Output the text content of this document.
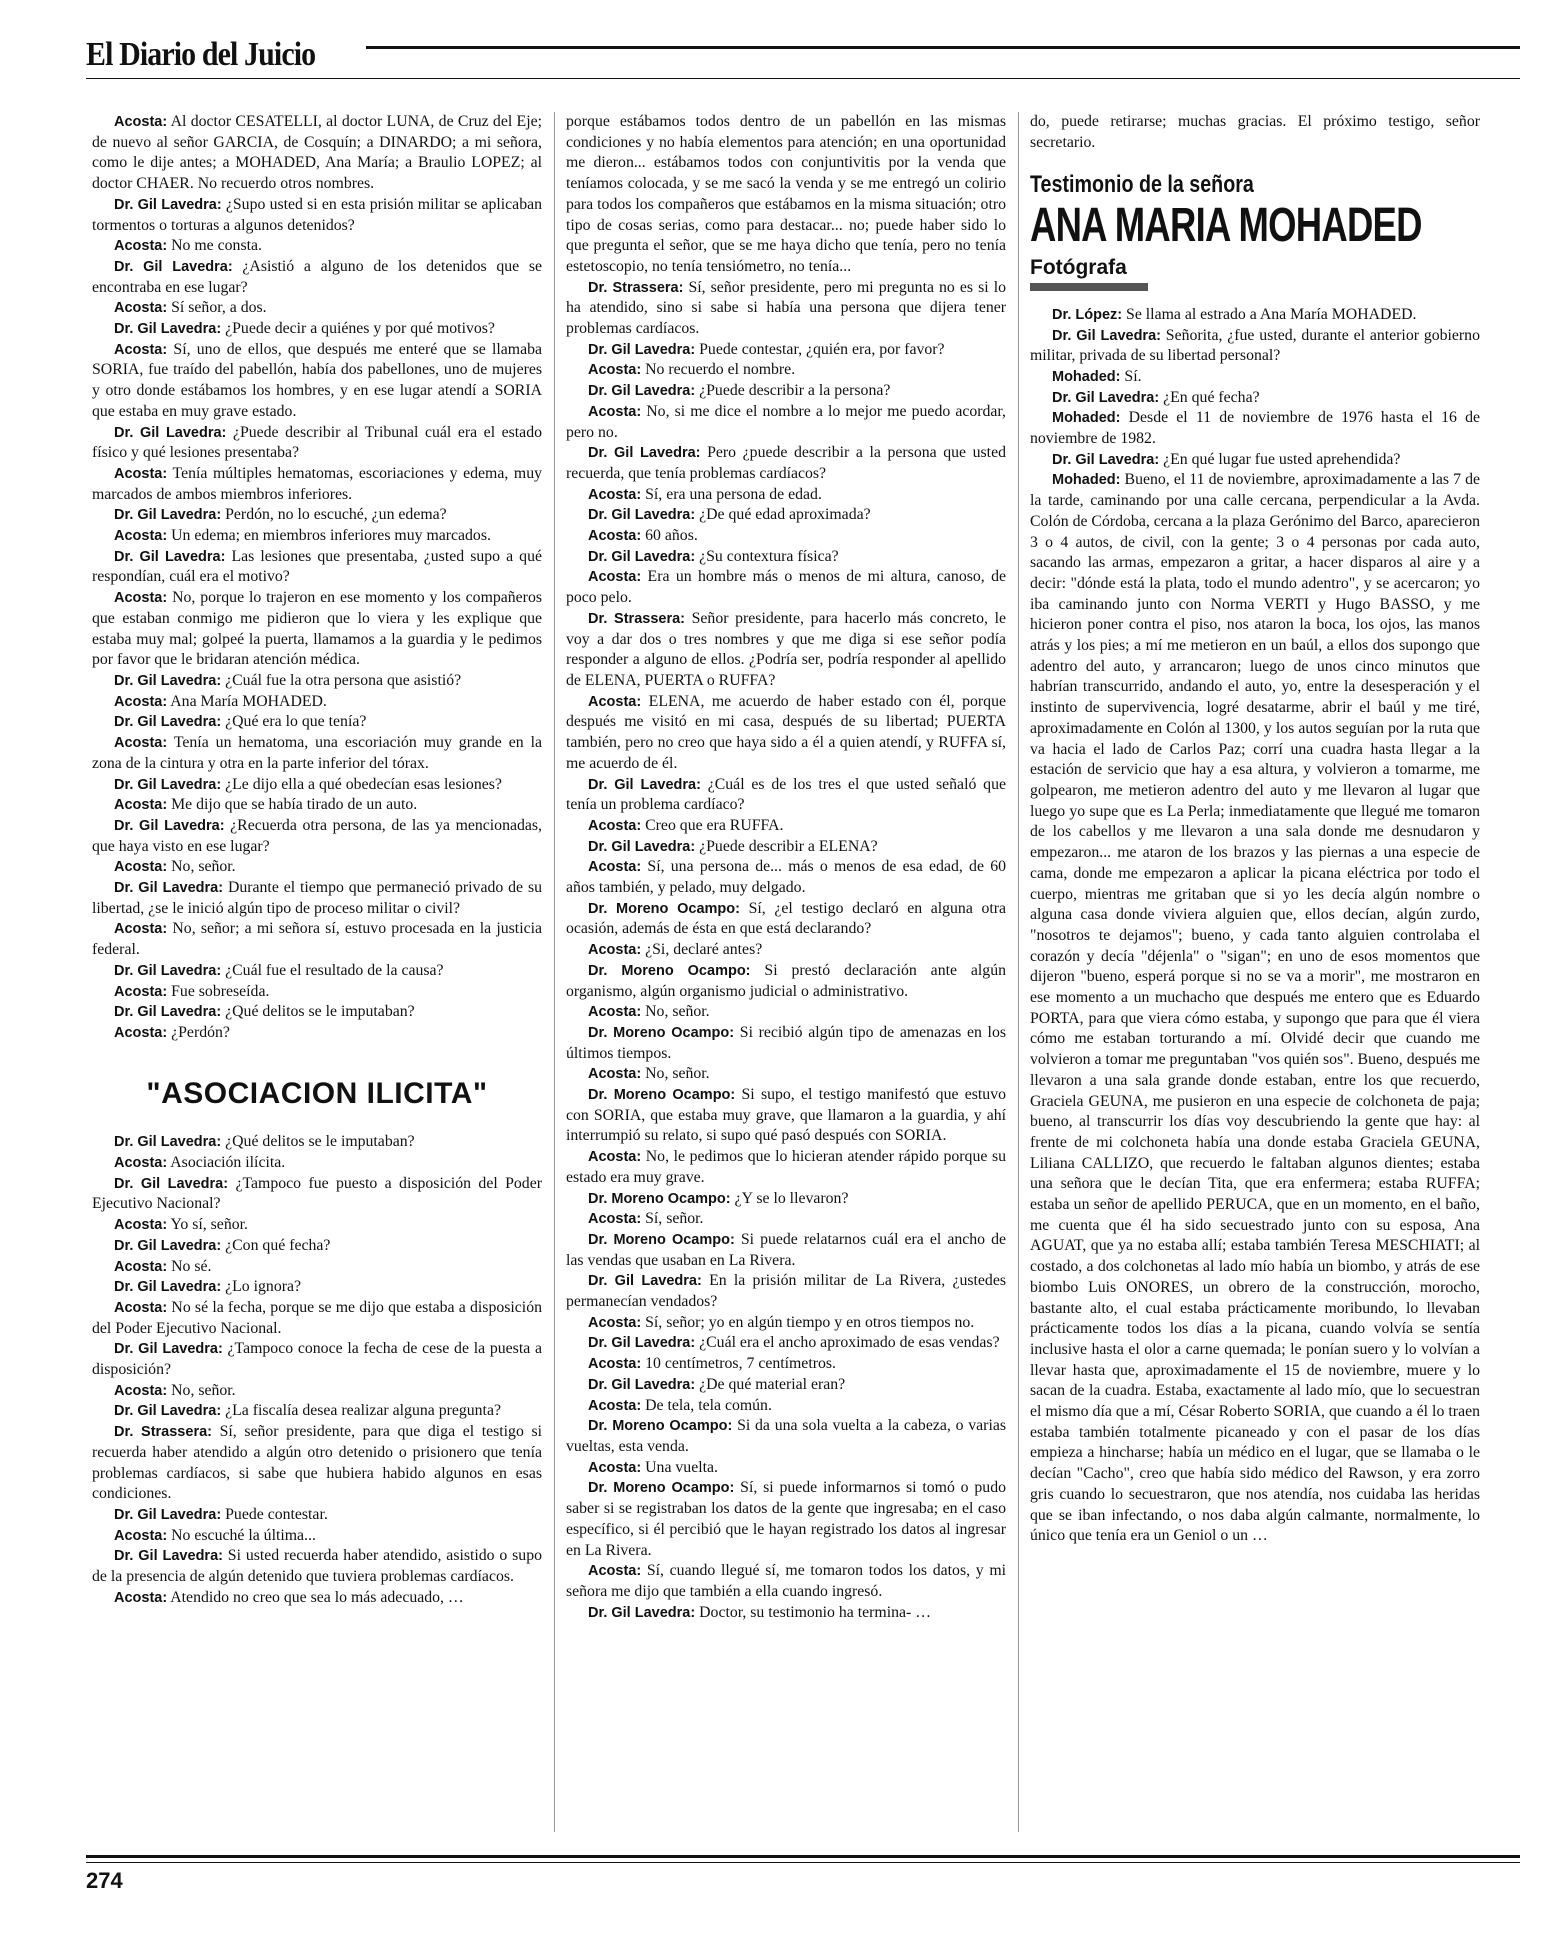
El Diario del Juicio

Acosta: Al doctor CESATELLI, al doctor LUNA, de Cruz del Eje; de nuevo al señor GARCIA, de Cosquín; a DINARDO; a mi señora, como le dije antes; a MOHADED, Ana María; a Braulio LOPEZ; al doctor CHAER. No recuerdo otros nombres.

Dr. Gil Lavedra: ¿Supo usted si en esta prisión militar se aplicaban tormentos o torturas a algunos detenidos?

Acosta: No me consta.

Dr. Gil Lavedra: ¿Asistió a alguno de los detenidos que se encontraba en ese lugar?

Acosta: Sí señor, a dos.

Dr. Gil Lavedra: ¿Puede decir a quiénes y por qué motivos?

Acosta: Sí, uno de ellos, que después me enteré que se llamaba SORIA, fue traído del pabellón, había dos pabellones, uno de mujeres y otro donde estábamos los hombres, y en ese lugar atendí a SORIA que estaba en muy grave estado.

Dr. Gil Lavedra: ¿Puede describir al Tribunal cuál era el estado físico y qué lesiones presentaba?

Acosta: Tenía múltiples hematomas, escoriaciones y edema, muy marcados de ambos miembros inferiores.

Dr. Gil Lavedra: Perdón, no lo escuché, ¿un edema?

Acosta: Un edema; en miembros inferiores muy marcados.

Dr. Gil Lavedra: Las lesiones que presentaba, ¿usted supo a qué respondían, cuál era el motivo?

Acosta: No, porque lo trajeron en ese momento y los compañeros que estaban conmigo me pidieron que lo viera y les explique que estaba muy mal; golpeé la puerta, llamamos a la guardia y le pedimos por favor que le bridaran atención médica.

Dr. Gil Lavedra: ¿Cuál fue la otra persona que asistió?

Acosta: Ana María MOHADED.

Dr. Gil Lavedra: ¿Qué era lo que tenía?

Acosta: Tenía un hematoma, una escoriación muy grande en la zona de la cintura y otra en la parte inferior del tórax.

Dr. Gil Lavedra: ¿Le dijo ella a qué obedecían esas lesiones?

Acosta: Me dijo que se había tirado de un auto.

Dr. Gil Lavedra: ¿Recuerda otra persona, de las ya mencionadas, que haya visto en ese lugar?

Acosta: No, señor.

Dr. Gil Lavedra: Durante el tiempo que permaneció privado de su libertad, ¿se le inició algún tipo de proceso militar o civil?

Acosta: No, señor; a mi señora sí, estuvo procesada en la justicia federal.

Dr. Gil Lavedra: ¿Cuál fue el resultado de la causa?

Acosta: Fue sobreseída.

Dr. Gil Lavedra: ¿Qué delitos se le imputaban?

Acosta: ¿Perdón?

"ASOCIACION ILICITA"

Dr. Gil Lavedra: ¿Qué delitos se le imputaban?

Acosta: Asociación ilícita.

Dr. Gil Lavedra: ¿Tampoco fue puesto a disposición del Poder Ejecutivo Nacional?

Acosta: Yo sí, señor.

Dr. Gil Lavedra: ¿Con qué fecha?

Acosta: No sé.

Dr. Gil Lavedra: ¿Lo ignora?

Acosta: No sé la fecha, porque se me dijo que estaba a disposición del Poder Ejecutivo Nacional.

Dr. Gil Lavedra: ¿Tampoco conoce la fecha de cese de la puesta a disposición?

Acosta: No, señor.

Dr. Gil Lavedra: ¿La fiscalía desea realizar alguna pregunta?

Dr. Strassera: Sí, señor presidente, para que diga el testigo si recuerda haber atendido a algún otro detenido o prisionero que tenía problemas cardíacos, si sabe que hubiera habido algunos en esas condiciones.

Dr. Gil Lavedra: Puede contestar.

Acosta: No escuché la última...

Dr. Gil Lavedra: Si usted recuerda haber atendido, asistido o supo de la presencia de algún detenido que tuviera problemas cardíacos.

Acosta: Atendido no creo que sea lo más adecuado, …

porque estábamos todos dentro de un pabellón en las mismas condiciones y no había elementos para atención; en una oportunidad me dieron... estábamos todos con conjuntivitis por la venda que teníamos colocada, y se me sacó la venda y se me entregó un colirio para todos los compañeros que estábamos en la misma situación; otro tipo de cosas serias, como para destacar... no; puede haber sido lo que pregunta el señor, que se me haya dicho que tenía, pero no tenía estetoscopio, no tenía tensiómetro, no tenía...

Dr. Strassera: Sí, señor presidente, pero mi pregunta no es si lo ha atendido, sino si sabe si había una persona que dijera tener problemas cardíacos.

Dr. Gil Lavedra: Puede contestar, ¿quién era, por favor?

Acosta: No recuerdo el nombre.

Dr. Gil Lavedra: ¿Puede describir a la persona?

Acosta: No, si me dice el nombre a lo mejor me puedo acordar, pero no.

Dr. Gil Lavedra: Pero ¿puede describir a la persona que usted recuerda, que tenía problemas cardíacos?

Acosta: Sí, era una persona de edad.

Dr. Gil Lavedra: ¿De qué edad aproximada?

Acosta: 60 años.

Dr. Gil Lavedra: ¿Su contextura física?

Acosta: Era un hombre más o menos de mi altura, canoso, de poco pelo.

Dr. Strassera: Señor presidente, para hacerlo más concreto, le voy a dar dos o tres nombres y que me diga si ese señor podía responder a alguno de ellos. ¿Podría ser, podría responder al apellido de ELENA, PUERTA o RUFFA?

Acosta: ELENA, me acuerdo de haber estado con él, porque después me visitó en mi casa, después de su libertad; PUERTA también, pero no creo que haya sido a él a quien atendí, y RUFFA sí, me acuerdo de él.

Dr. Gil Lavedra: ¿Cuál es de los tres el que usted señaló que tenía un problema cardíaco?

Acosta: Creo que era RUFFA.

Dr. Gil Lavedra: ¿Puede describir a ELENA?

Acosta: Sí, una persona de... más o menos de esa edad, de 60 años también, y pelado, muy delgado.

Dr. Moreno Ocampo: Sí, ¿el testigo declaró en alguna otra ocasión, además de ésta en que está declarando?

Acosta: ¿Si, declaré antes?

Dr. Moreno Ocampo: Si prestó declaración ante algún organismo, algún organismo judicial o administrativo.

Acosta: No, señor.

Dr. Moreno Ocampo: Si recibió algún tipo de amenazas en los últimos tiempos.

Acosta: No, señor.

Dr. Moreno Ocampo: Si supo, el testigo manifestó que estuvo con SORIA, que estaba muy grave, que llamaron a la guardia, y ahí interrumpió su relato, si supo qué pasó después con SORIA.

Acosta: No, le pedimos que lo hicieran atender rápido porque su estado era muy grave.

Dr. Moreno Ocampo: ¿Y se lo llevaron?

Acosta: Sí, señor.

Dr. Moreno Ocampo: Si puede relatarnos cuál era el ancho de las vendas que usaban en La Rivera.

Dr. Gil Lavedra: En la prisión militar de La Rivera, ¿ustedes permanecían vendados?

Acosta: Sí, señor; yo en algún tiempo y en otros tiempos no.

Dr. Gil Lavedra: ¿Cuál era el ancho aproximado de esas vendas?

Acosta: 10 centímetros, 7 centímetros.

Dr. Gil Lavedra: ¿De qué material eran?

Acosta: De tela, tela común.

Dr. Moreno Ocampo: Si da una sola vuelta a la cabeza, o varias vueltas, esta venda.

Acosta: Una vuelta.

Dr. Moreno Ocampo: Sí, si puede informarnos si tomó o pudo saber si se registraban los datos de la gente que ingresaba; en el caso específico, si él percibió que le hayan registrado los datos al ingresar en La Rivera.

Acosta: Sí, cuando llegué sí, me tomaron todos los datos, y mi señora me dijo que también a ella cuando ingresó.

Dr. Gil Lavedra: Doctor, su testimonio ha termina- …

do, puede retirarse; muchas gracias. El próximo testigo, señor secretario.

Testimonio de la señora
ANA MARIA MOHADED
Fotógrafa

Dr. López: Se llama al estrado a Ana María MOHADED.

Dr. Gil Lavedra: Señorita, ¿fue usted, durante el anterior gobierno militar, privada de su libertad personal?

Mohaded: Sí.

Dr. Gil Lavedra: ¿En qué fecha?

Mohaded: Desde el 11 de noviembre de 1976 hasta el 16 de noviembre de 1982.

Dr. Gil Lavedra: ¿En qué lugar fue usted aprehendida?

Mohaded: Bueno, el 11 de noviembre, aproximadamente a las 7 de la tarde, caminando por una calle cercana, perpendicular a la Avda. Colón de Córdoba, cercana a la plaza Gerónimo del Barco, aparecieron 3 o 4 autos, de civil, con la gente; 3 o 4 personas por cada auto, sacando las armas, empezaron a gritar, a hacer disparos al aire y a decir: "dónde está la plata, todo el mundo adentro", y se acercaron; yo iba caminando junto con Norma VERTI y Hugo BASSO, y me hicieron poner contra el piso, nos ataron la boca, los ojos, las manos atrás y los pies; a mí me metieron en un baúl, a ellos dos supongo que adentro del auto, y arrancaron; luego de unos cinco minutos que habrían transcurrido, andando el auto, yo, entre la desesperación y el instinto de supervivencia, logré desatarme, abrir el baúl y me tiré, aproximadamente en Colón al 1300, y los autos seguían por la ruta que va hacia el lado de Carlos Paz; corrí una cuadra hasta llegar a la estación de servicio que hay a esa altura, y volvieron a tomarme, me golpearon, me metieron adentro del auto y me llevaron al lugar que luego yo supe que es La Perla; inmediatamente que llegué me tomaron de los cabellos y me llevaron a una sala donde me desnudaron y empezaron... me ataron de los brazos y las piernas a una especie de cama, donde me empezaron a aplicar la picana eléctrica por todo el cuerpo, mientras me gritaban que si yo les decía algún nombre o alguna casa donde viviera alguien que, ellos decían, algún zurdo, "nosotros te dejamos"; bueno, y cada tanto alguien controlaba el corazón y decía "déjenla" o "sigan"; en uno de esos momentos que dijeron "bueno, esperá porque si no se va a morir", me mostraron en ese momento a un muchacho que después me entero que es Eduardo PORTA, para que viera cómo estaba, y supongo que para que él viera cómo me estaban torturando a mí. Olvidé decir que cuando me volvieron a tomar me preguntaban "vos quién sos". Bueno, después me llevaron a una sala grande donde estaban, entre los que recuerdo, Graciela GEUNA, me pusieron en una especie de colchoneta de paja; bueno, al transcurrir los días voy descubriendo la gente que hay: al frente de mi colchoneta había una donde estaba Graciela GEUNA, Liliana CALLIZO, que recuerdo le faltaban algunos dientes; estaba una señora que le decían Tita, que era enfermera; estaba RUFFA; estaba un señor de apellido PERUCA, que en un momento, en el baño, me cuenta que él ha sido secuestrado junto con su esposa, Ana AGUAT, que ya no estaba allí; estaba también Teresa MESCHIATI; al costado, a dos colchonetas al lado mío había un biombo, y atrás de ese biombo Luis ONORES, un obrero de la construcción, morocho, bastante alto, el cual estaba prácticamente moribundo, lo llevaban prácticamente todos los días a la picana, cuando volvía se sentía inclusive hasta el olor a carne quemada; le ponían suero y lo volvían a llevar hasta que, aproximadamente el 15 de noviembre, muere y lo sacan de la cuadra. Estaba, exactamente al lado mío, que lo secuestran el mismo día que a mí, César Roberto SORIA, que cuando a él lo traen estaba también totalmente picaneado y con el pasar de los días empieza a hincharse; había un médico en el lugar, que se llamaba o le decían "Cacho", creo que había sido médico del Rawson, y era zorro gris cuando lo secuestraron, que nos atendía, nos cuidaba las heridas que se iban infectando, o nos daba algún calmante, normalmente, lo único que tenía era un Geniol o un …

274
